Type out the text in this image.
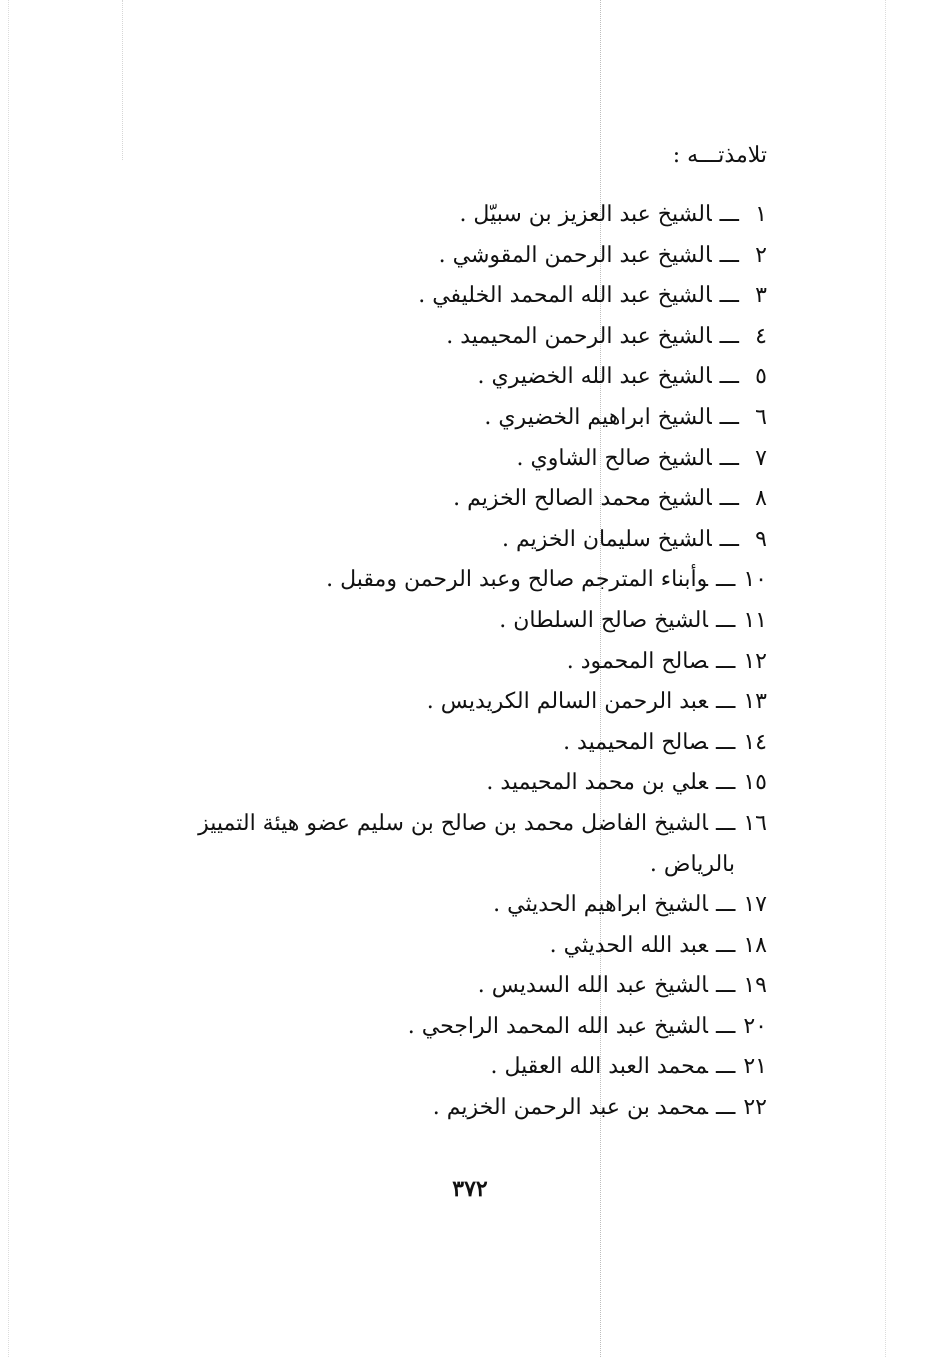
تلامذتـــه :
١ـــالشيخ عبد العزيز بن سبيّل .
٢ـــالشيخ عبد الرحمن المقوشي .
٣ـــالشيخ عبد الله المحمد الخليفي .
٤ـــالشيخ عبد الرحمن المحيميد .
٥ـــالشيخ عبد الله الخضيري .
٦ـــالشيخ ابراهيم الخضيري .
٧ـــالشيخ صالح الشاوي .
٨ـــالشيخ محمد الصالح الخزيم .
٩ـــالشيخ سليمان الخزيم .
١٠ـــوأبناء المترجم صالح وعبد الرحمن ومقبل .
١١ـــالشيخ صالح السلطان .
١٢ـــصالح المحمود .
١٣ـــعبد الرحمن السالم الكريديس .
١٤ـــصالح المحيميد .
١٥ـــعلي بن محمد المحيميد .
١٦ـــالشيخ الفاضل محمد بن صالح بن سليم عضو هيئة التمييز
بالرياض .
١٧ـــالشيخ ابراهيم الحديثي .
١٨ـــعبد الله الحديثي .
١٩ـــالشيخ عبد الله السديس .
٢٠ـــالشيخ عبد الله المحمد الراجحي .
٢١ـــمحمد العبد الله العقيل .
٢٢ـــمحمد بن عبد الرحمن الخزيم .
٣٧٢
